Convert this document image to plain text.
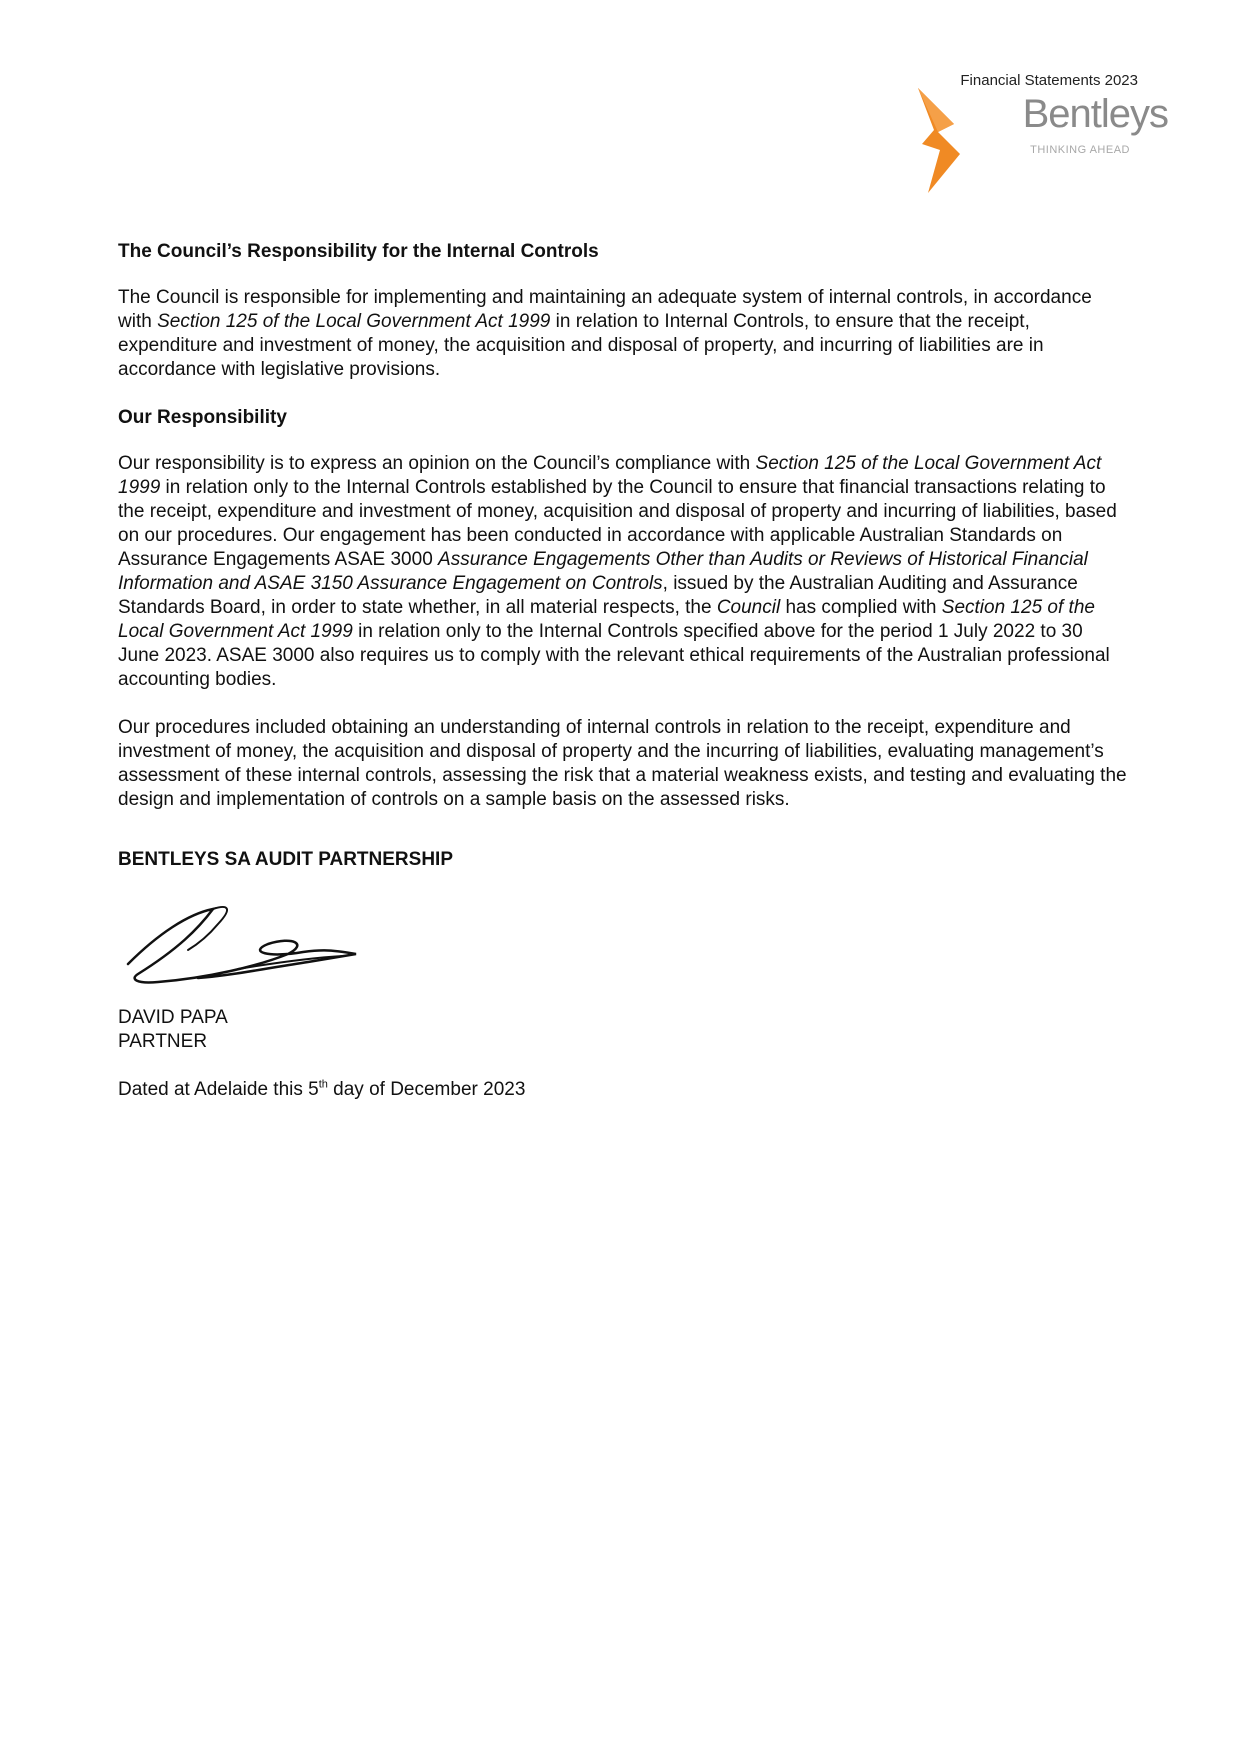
Financial Statements 2023
Bentleys
THINKING AHEAD
The Council’s Responsibility for the Internal Controls

The Council is responsible for implementing and maintaining an adequate system of internal controls, in accordance with Section 125 of the Local Government Act 1999 in relation to Internal Controls, to ensure that the receipt, expenditure and investment of money, the acquisition and disposal of property, and incurring of liabilities are in accordance with legislative provisions.

Our Responsibility

Our responsibility is to express an opinion on the Council’s compliance with Section 125 of the Local Government Act 1999 in relation only to the Internal Controls established by the Council to ensure that financial transactions relating to the receipt, expenditure and investment of money, acquisition and disposal of property and incurring of liabilities, based on our procedures. Our engagement has been conducted in accordance with applicable Australian Standards on Assurance Engagements ASAE 3000 Assurance Engagements Other than Audits or Reviews of Historical Financial Information and ASAE 3150 Assurance Engagement on Controls, issued by the Australian Auditing and Assurance Standards Board, in order to state whether, in all material respects, the Council has complied with Section 125 of the Local Government Act 1999 in relation only to the Internal Controls specified above for the period 1 July 2022 to 30 June 2023. ASAE 3000 also requires us to comply with the relevant ethical requirements of the Australian professional accounting bodies.

Our procedures included obtaining an understanding of internal controls in relation to the receipt, expenditure and investment of money, the acquisition and disposal of property and the incurring of liabilities, evaluating management’s assessment of these internal controls, assessing the risk that a material weakness exists, and testing and evaluating the design and implementation of controls on a sample basis on the assessed risks.

BENTLEYS SA AUDIT PARTNERSHIP
DAVID PAPA
PARTNER
Dated at Adelaide this 5th day of December 2023
